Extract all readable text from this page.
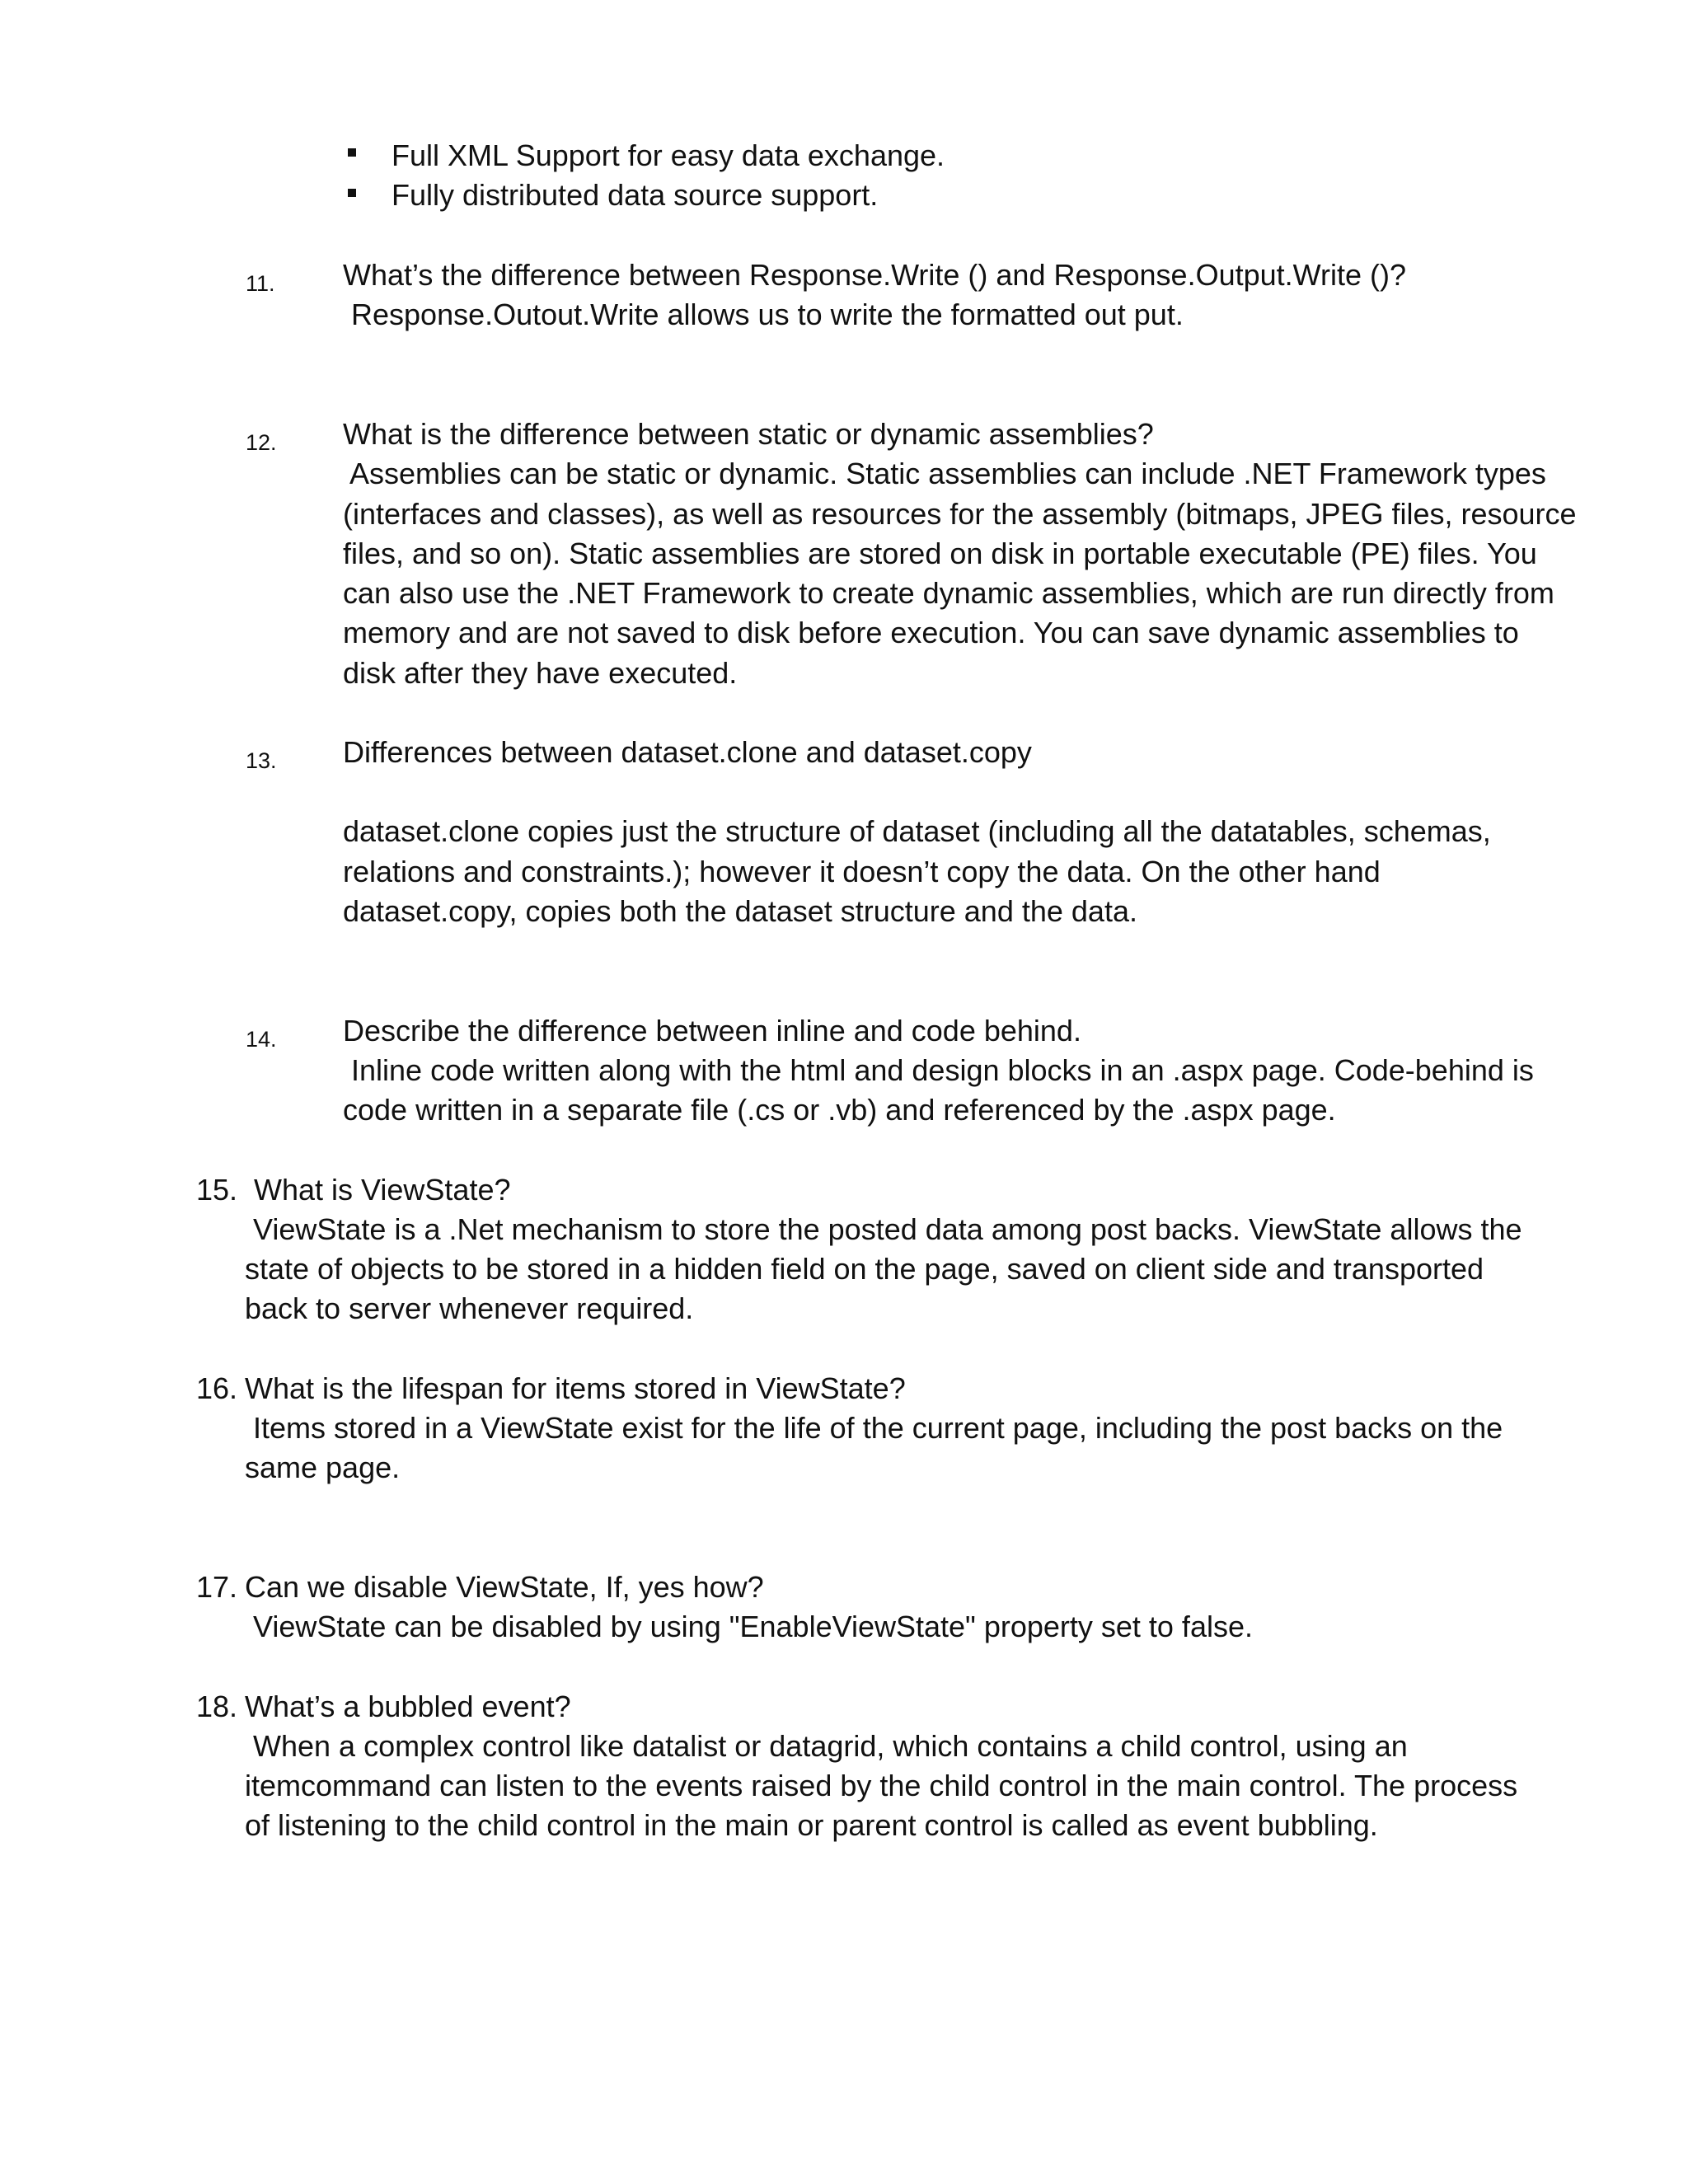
Full XML Support for easy data exchange.
Fully distributed data source support.
11. What’s the difference between Response.Write () and Response.Output.Write ()?
Response.Outout.Write allows us to write the formatted out put.
12. What is the difference between static or dynamic assemblies?
Assemblies can be static or dynamic. Static assemblies can include .NET Framework types
(interfaces and classes), as well as resources for the assembly (bitmaps, JPEG files, resource
files, and so on). Static assemblies are stored on disk in portable executable (PE) files. You
can also use the .NET Framework to create dynamic assemblies, which are run directly from
memory and are not saved to disk before execution. You can save dynamic assemblies to
disk after they have executed.
13. Differences between dataset.clone and dataset.copy
dataset.clone copies just the structure of dataset (including all the datatables, schemas,
relations and constraints.); however it doesn’t copy the data. On the other hand
dataset.copy, copies both the dataset structure and the data.
14. Describe the difference between inline and code behind.
Inline code written along with the html and design blocks in an .aspx page. Code-behind is
code written in a separate file (.cs or .vb) and referenced by the .aspx page.
15. What is ViewState?
ViewState is a .Net mechanism to store the posted data among post backs. ViewState allows the
state of objects to be stored in a hidden field on the page, saved on client side and transported
back to server whenever required.
16. What is the lifespan for items stored in ViewState?
Items stored in a ViewState exist for the life of the current page, including the post backs on the
same page.
17. Can we disable ViewState, If, yes how?
ViewState can be disabled by using "EnableViewState" property set to false.
18. What’s a bubbled event?
When a complex control like datalist or datagrid, which contains a child control, using an
itemcommand can listen to the events raised by the child control in the main control. The process
of listening to the child control in the main or parent control is called as event bubbling.
